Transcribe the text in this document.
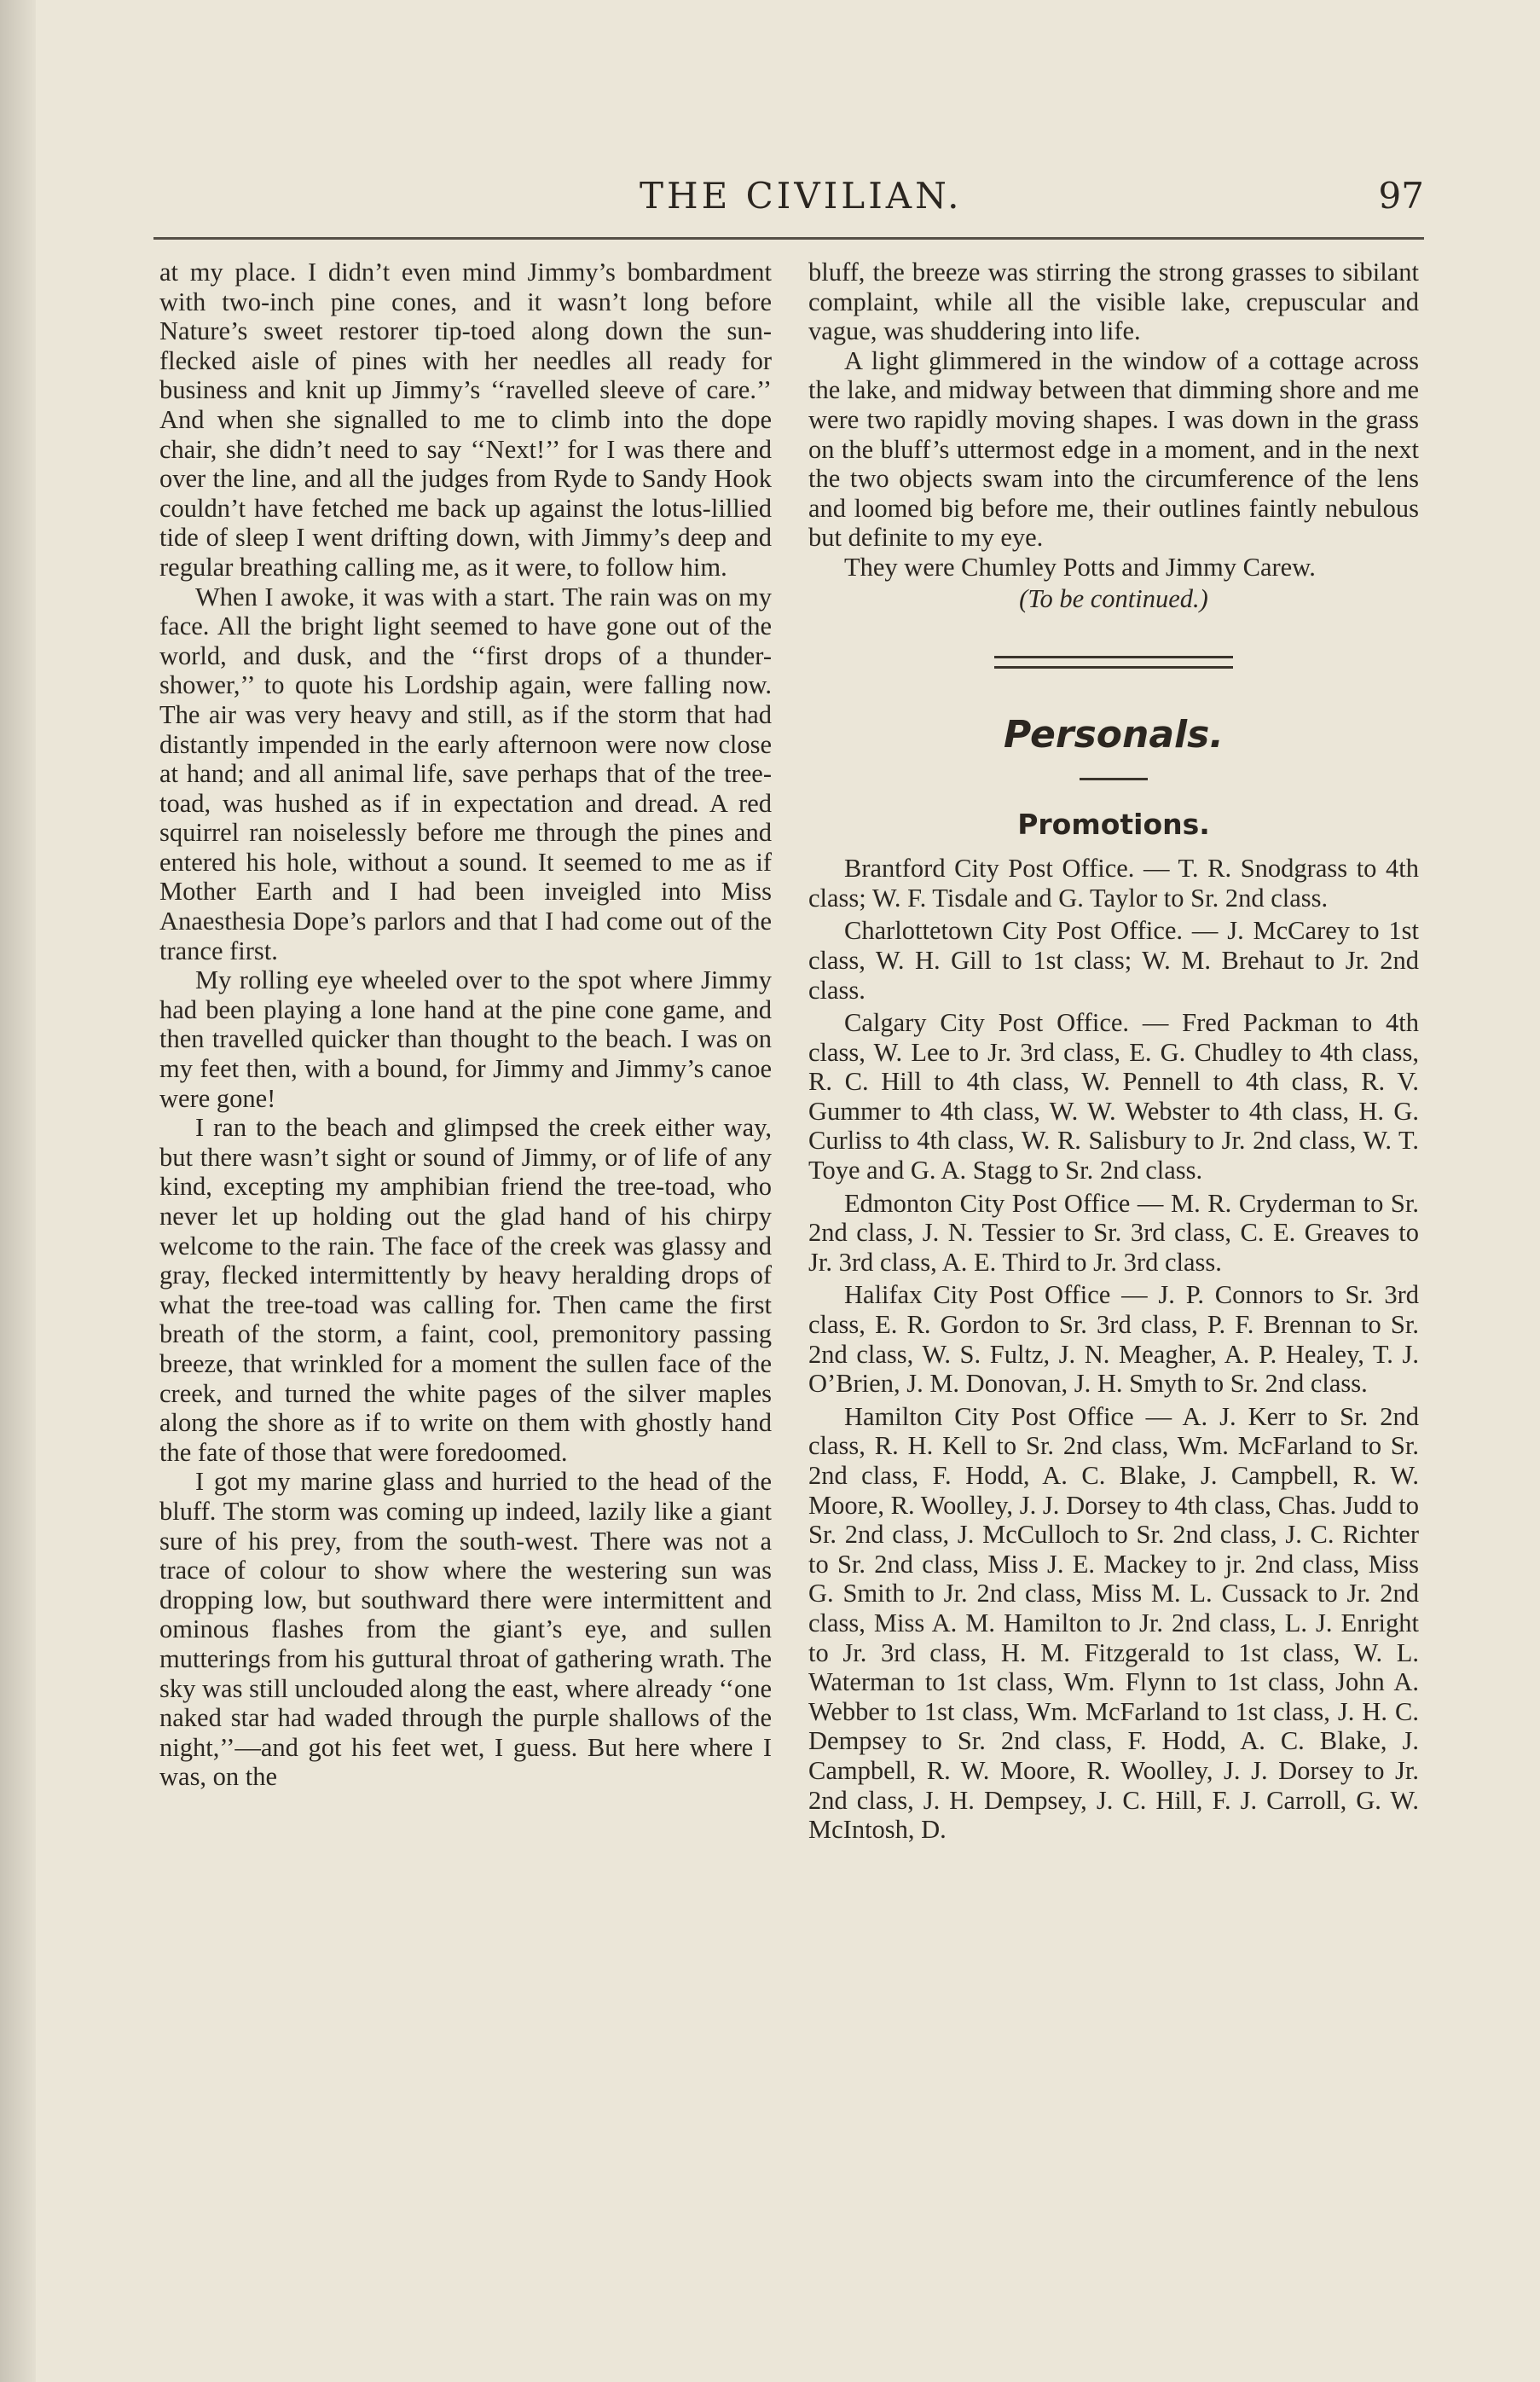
THE CIVILIAN.	97

at my place. I didn’t even mind Jimmy’s bombardment with two-inch pine cones, and it wasn’t long before Nature’s sweet restorer tip-toed along down the sun-flecked aisle of pines with her needles all ready for business and knit up Jimmy’s ‘‘ravelled sleeve of care.’’ And when she signalled to me to climb into the dope chair, she didn’t need to say ‘‘Next!’’ for I was there and over the line, and all the judges from Ryde to Sandy Hook couldn’t have fetched me back up against the lotus-lillied tide of sleep I went drifting down, with Jimmy’s deep and regular breathing calling me, as it were, to follow him.

When I awoke, it was with a start. The rain was on my face. All the bright light seemed to have gone out of the world, and dusk, and the ‘‘first drops of a thunder-shower,’’ to quote his Lordship again, were falling now. The air was very heavy and still, as if the storm that had distantly impended in the early afternoon were now close at hand; and all animal life, save perhaps that of the tree-toad, was hushed as if in expectation and dread. A red squirrel ran noiselessly before me through the pines and entered his hole, without a sound. It seemed to me as if Mother Earth and I had been inveigled into Miss Anaesthesia Dope’s parlors and that I had come out of the trance first.

My rolling eye wheeled over to the spot where Jimmy had been playing a lone hand at the pine cone game, and then travelled quicker than thought to the beach. I was on my feet then, with a bound, for Jimmy and Jimmy’s canoe were gone!

I ran to the beach and glimpsed the creek either way, but there wasn’t sight or sound of Jimmy, or of life of any kind, excepting my amphibian friend the tree-toad, who never let up holding out the glad hand of his chirpy welcome to the rain. The face of the creek was glassy and gray, flecked intermittently by heavy heralding drops of what the tree-toad was calling for. Then came the first breath of the storm, a faint, cool, premonitory passing breeze, that wrinkled for a moment the sullen face of the creek, and turned the white pages of the silver maples along the shore as if to write on them with ghostly hand the fate of those that were foredoomed.

I got my marine glass and hurried to the head of the bluff. The storm was coming up indeed, lazily like a giant sure of his prey, from the south-west. There was not a trace of colour to show where the westering sun was dropping low, but southward there were intermittent and ominous flashes from the giant’s eye, and sullen mutterings from his guttural throat of gathering wrath. The sky was still unclouded along the east, where already ‘‘one naked star had waded through the purple shallows of the night,’’—and got his feet wet, I guess. But here where I was, on the

bluff, the breeze was stirring the strong grasses to sibilant complaint, while all the visible lake, crepuscular and vague, was shuddering into life.

A light glimmered in the window of a cottage across the lake, and midway between that dimming shore and me were two rapidly moving shapes. I was down in the grass on the bluff’s uttermost edge in a moment, and in the next the two objects swam into the circumference of the lens and loomed big before me, their outlines faintly nebulous but definite to my eye.

They were Chumley Potts and Jimmy Carew.

(To be continued.)

Personals.
Promotions.

Brantford City Post Office. — T. R. Snodgrass to 4th class; W. F. Tisdale and G. Taylor to Sr. 2nd class.

Charlottetown City Post Office. — J. McCarey to 1st class, W. H. Gill to 1st class; W. M. Brehaut to Jr. 2nd class.

Calgary City Post Office. — Fred Packman to 4th class, W. Lee to Jr. 3rd class, E. G. Chudley to 4th class, R. C. Hill to 4th class, W. Pennell to 4th class, R. V. Gummer to 4th class, W. W. Webster to 4th class, H. G. Curliss to 4th class, W. R. Salisbury to Jr. 2nd class, W. T. Toye and G. A. Stagg to Sr. 2nd class.

Edmonton City Post Office — M. R. Cryderman to Sr. 2nd class, J. N. Tessier to Sr. 3rd class, C. E. Greaves to Jr. 3rd class, A. E. Third to Jr. 3rd class.

Halifax City Post Office — J. P. Connors to Sr. 3rd class, E. R. Gordon to Sr. 3rd class, P. F. Brennan to Sr. 2nd class, W. S. Fultz, J. N. Meagher, A. P. Healey, T. J. O’Brien, J. M. Donovan, J. H. Smyth to Sr. 2nd class.

Hamilton City Post Office — A. J. Kerr to Sr. 2nd class, R. H. Kell to Sr. 2nd class, Wm. McFarland to Sr. 2nd class, F. Hodd, A. C. Blake, J. Campbell, R. W. Moore, R. Woolley, J. J. Dorsey to 4th class, Chas. Judd to Sr. 2nd class, J. McCulloch to Sr. 2nd class, J. C. Richter to Sr. 2nd class, Miss J. E. Mackey to jr. 2nd class, Miss G. Smith to Jr. 2nd class, Miss M. L. Cussack to Jr. 2nd class, Miss A. M. Hamilton to Jr. 2nd class, L. J. Enright to Jr. 3rd class, H. M. Fitzgerald to 1st class, W. L. Waterman to 1st class, Wm. Flynn to 1st class, John A. Webber to 1st class, Wm. McFarland to 1st class, J. H. C. Dempsey to Sr. 2nd class, F. Hodd, A. C. Blake, J. Campbell, R. W. Moore, R. Woolley, J. J. Dorsey to Jr. 2nd class, J. H. Dempsey, J. C. Hill, F. J. Carroll, G. W. McIntosh, D.
